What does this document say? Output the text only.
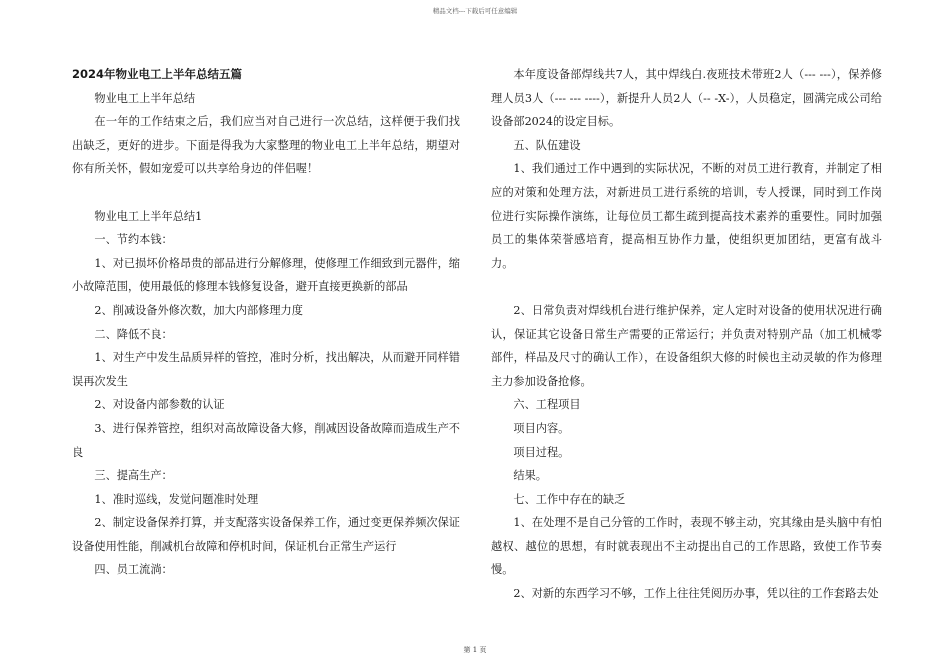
精品文档---下载后可任意编辑
2024年物业电工上半年总结五篇

物业电工上半年总结

在一年的工作结束之后，我们应当对自己进行一次总结，这样便于我们找出缺乏，更好的进步。下面是得我为大家整理的物业电工上半年总结，期望对你有所关怀，假如宠爱可以共享给身边的伴侣喔！

物业电工上半年总结1

一、节约本钱：

1、对已损坏价格昂贵的部品进行分解修理，使修理工作细致到元器件，缩小故障范围，使用最低的修理本钱修复设备，避开直接更换新的部品

2、削减设备外修次数，加大内部修理力度

二、降低不良：

1、对生产中发生品质异样的管控，准时分析，找出解决，从而避开同样错误再次发生

2、对设备内部参数的认证

3、进行保养管控，组织对高故障设备大修，削减因设备故障而造成生产不良

三、提高生产：

1、准时巡线，发觉问题准时处理

2、制定设备保养打算，并支配落实设备保养工作，通过变更保养频次保证设备使用性能，削减机台故障和停机时间，保证机台正常生产运行

四、员工流淌：

本年度设备部焊线共7人，其中焊线白.夜班技术带班2人（--- ---），保养修理人员3人（--- --- ----），新提升人员2人（-- -X-），人员稳定，圆满完成公司给设备部2024的设定目标。

五、队伍建设

1、我们通过工作中遇到的实际状况，不断的对员工进行教育，并制定了相应的对策和处理方法，对新进员工进行系统的培训，专人授课，同时到工作岗位进行实际操作演练，让每位员工都生疏到提高技术素养的重要性。同时加强员工的集体荣誉感培育，提高相互协作力量，使组织更加团结，更富有战斗力。

2、日常负责对焊线机台进行维护保养，定人定时对设备的使用状况进行确认，保证其它设备日常生产需要的正常运行；并负责对特别产品（加工机械零部件，样品及尺寸的确认工作），在设备组织大修的时候也主动灵敏的作为修理主力参加设备抢修。

六、工程项目

项目内容。

项目过程。

结果。

七、工作中存在的缺乏

1、在处理不是自己分管的工作时，表现不够主动，究其缘由是头脑中有怕越权、越位的思想，有时就表现出不主动提出自己的工作思路，致使工作节奏慢。

2、对新的东西学习不够，工作上往往凭阅历办事，凭以往的工作套路去处

第 1 页
